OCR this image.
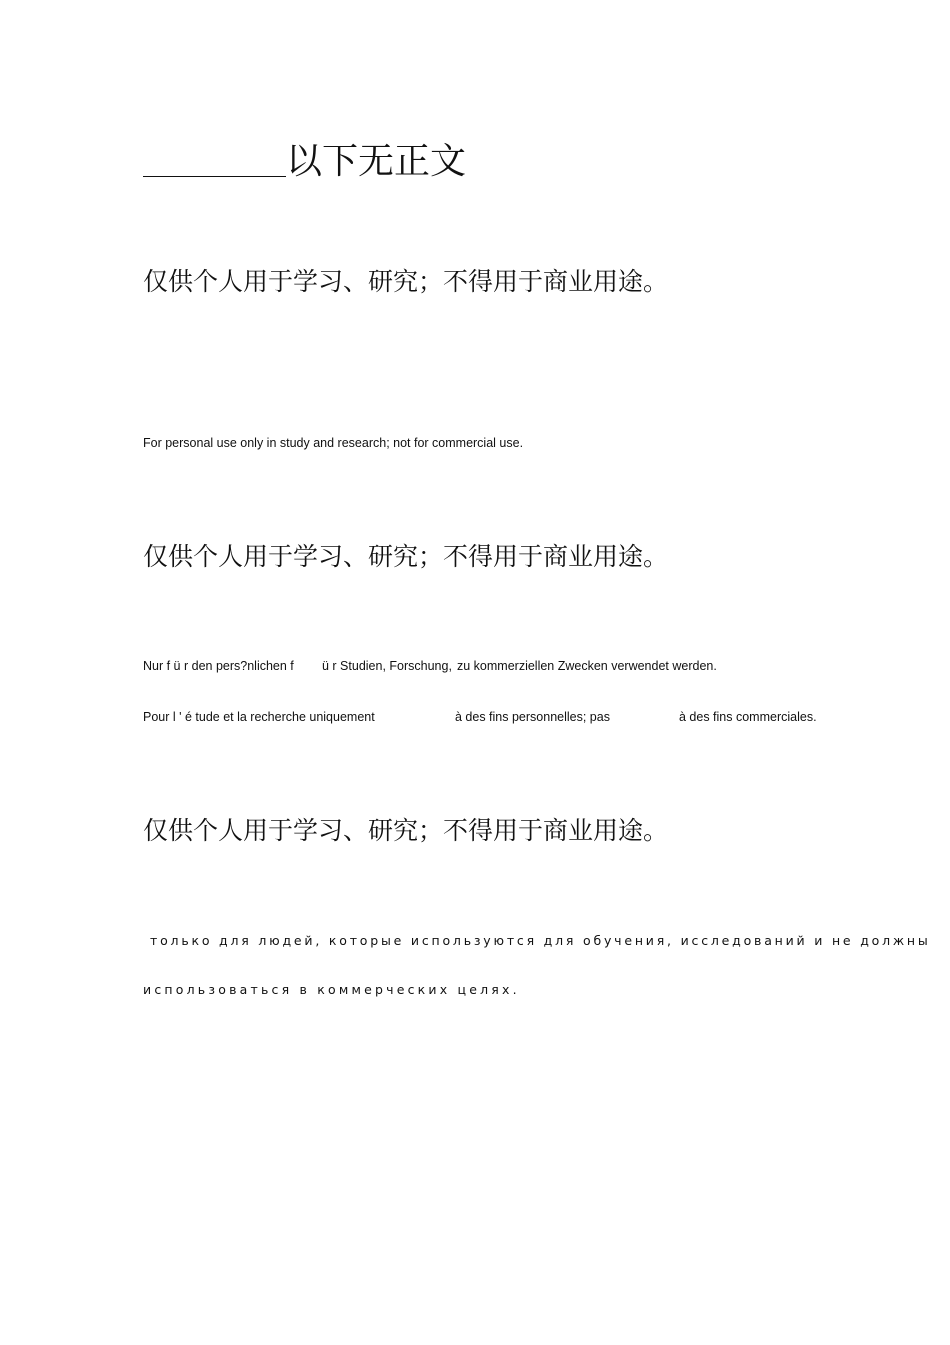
以下无正文
仅供个人用于学习、研究；不得用于商业用途。
For personal use only in study and research; not for commercial use.
仅供个人用于学习、研究；不得用于商业用途。
Nur f ü r den pers?nlichen f ü r Studien, Forschung, zu kommerziellen Zwecken verwendet werden.
Pour l ' é tude et la recherche uniquement	à des fins personnelles; pas	à des fins commerciales.
仅供个人用于学习、研究；不得用于商业用途。
только для людей, которые используются для обучения, исследований и не должны
использоваться в коммерческих целях.
